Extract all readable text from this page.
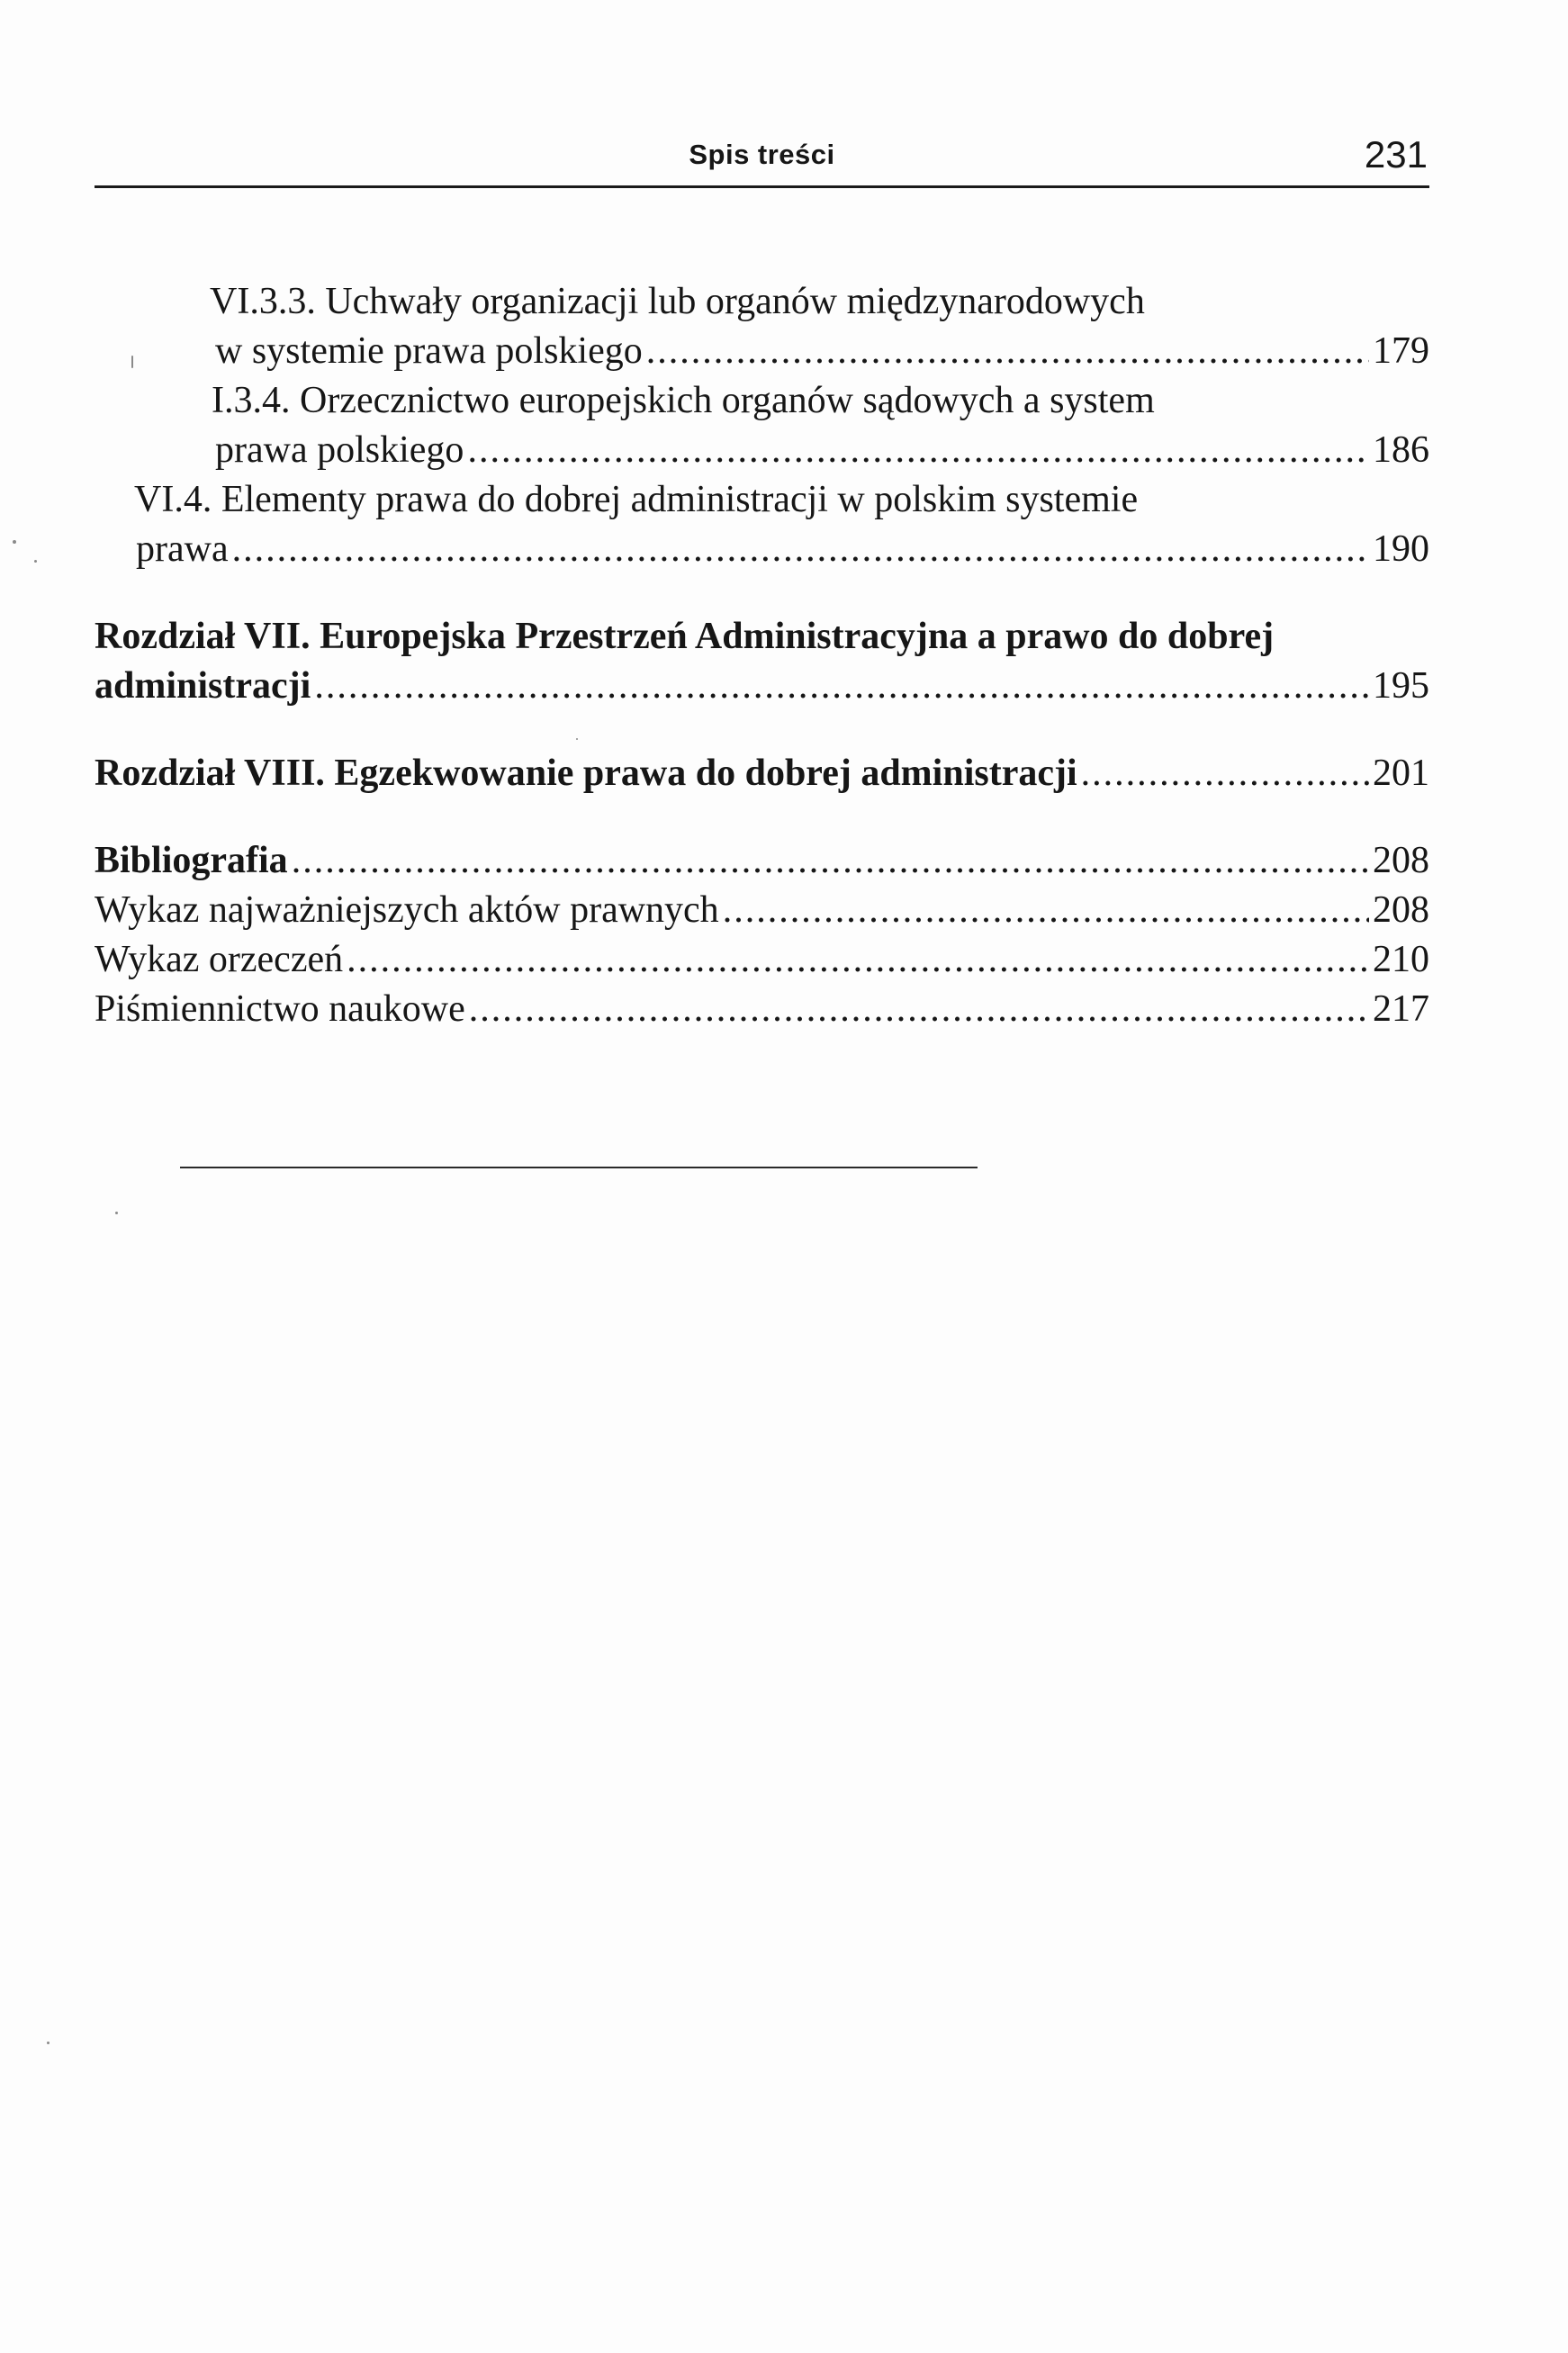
Spis treści	231
VI.3.3. Uchwały organizacji lub organów międzynarodowych
w systemie prawa polskiego .....	179
I.3.4. Orzecznictwo europejskich organów sądowych a system
prawa polskiego .....	186
VI.4. Elementy prawa do dobrej administracji w polskim systemie
prawa .....	190
Rozdział VII. Europejska Przestrzeń Administracyjna a prawo do dobrej
administracji .....	195
Rozdział VIII. Egzekwowanie prawa do dobrej administracji .....	201
Bibliografia .....	208
Wykaz najważniejszych aktów prawnych .....	208
Wykaz orzeczeń .....	210
Piśmiennictwo naukowe .....	217
